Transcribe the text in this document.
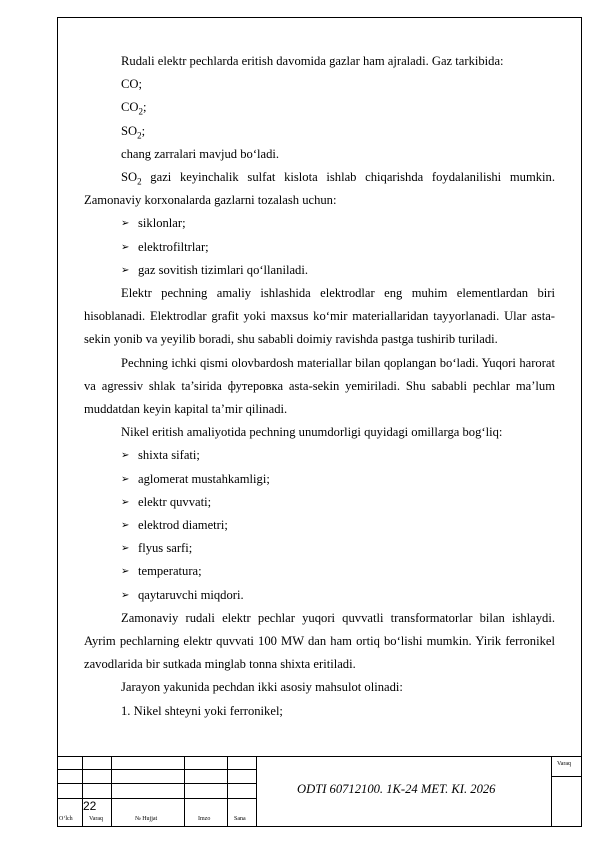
Rudali elektr pechlarda eritish davomida gazlar ham ajraladi. Gaz tarkibida:

CO;

$CO_2$;

$SO_2$;

chang zarralari mavjud bo‘ladi.

$SO_2$ gazi keyinchalik sulfat kislota ishlab chiqarishda foydalanilishi mumkin. Zamonaviy korxonalarda gazlarni tozalash uchun:

➢ siklonlar;

➢ elektrofiltrlar;

➢ gaz sovitish tizimlari qo‘llaniladi.

Elektr pechning amaliy ishlashida elektrodlar eng muhim elementlardan biri hisoblanadi. Elektrodlar grafit yoki maxsus ko‘mir materiallaridan tayyorlanadi. Ular asta-sekin yonib va yeyilib boradi, shu sababli doimiy ravishda pastga tushirib turiladi.

Pechning ichki qismi olovbardosh materiallar bilan qoplangan bo‘ladi. Yuqori harorat va agressiv shlak ta’sirida футеровка asta-sekin yemiriladi. Shu sababli pechlar ma’lum muddatdan keyin kapital ta’mir qilinadi.

Nikel eritish amaliyotida pechning unumdorligi quyidagi omillarga bog‘liq:

➢ shixta sifati;

➢ aglomerat mustahkamligi;

➢ elektr quvvati;

➢ elektrod diametri;

➢ flyus sarfi;

➢ temperatura;

➢ qaytaruvchi miqdori.

Zamonaviy rudali elektr pechlar yuqori quvvatli transformatorlar bilan ishlaydi. Ayrim pechlarning elektr quvvati 100 MW dan ham ortiq bo‘lishi mumkin. Yirik ferronikel zavodlarida bir sutkada minglab tonna shixta eritiladi.

Jarayon yakunida pechdan ikki asosiy mahsulot olinadi:

1. Nikel shteyni yoki ferronikel;

22
O‘lch	Varaq	№ Hujjat	Imzo	Sana
ODTI 60712100. 1K-24 MET. KI. 2026
Varaq
